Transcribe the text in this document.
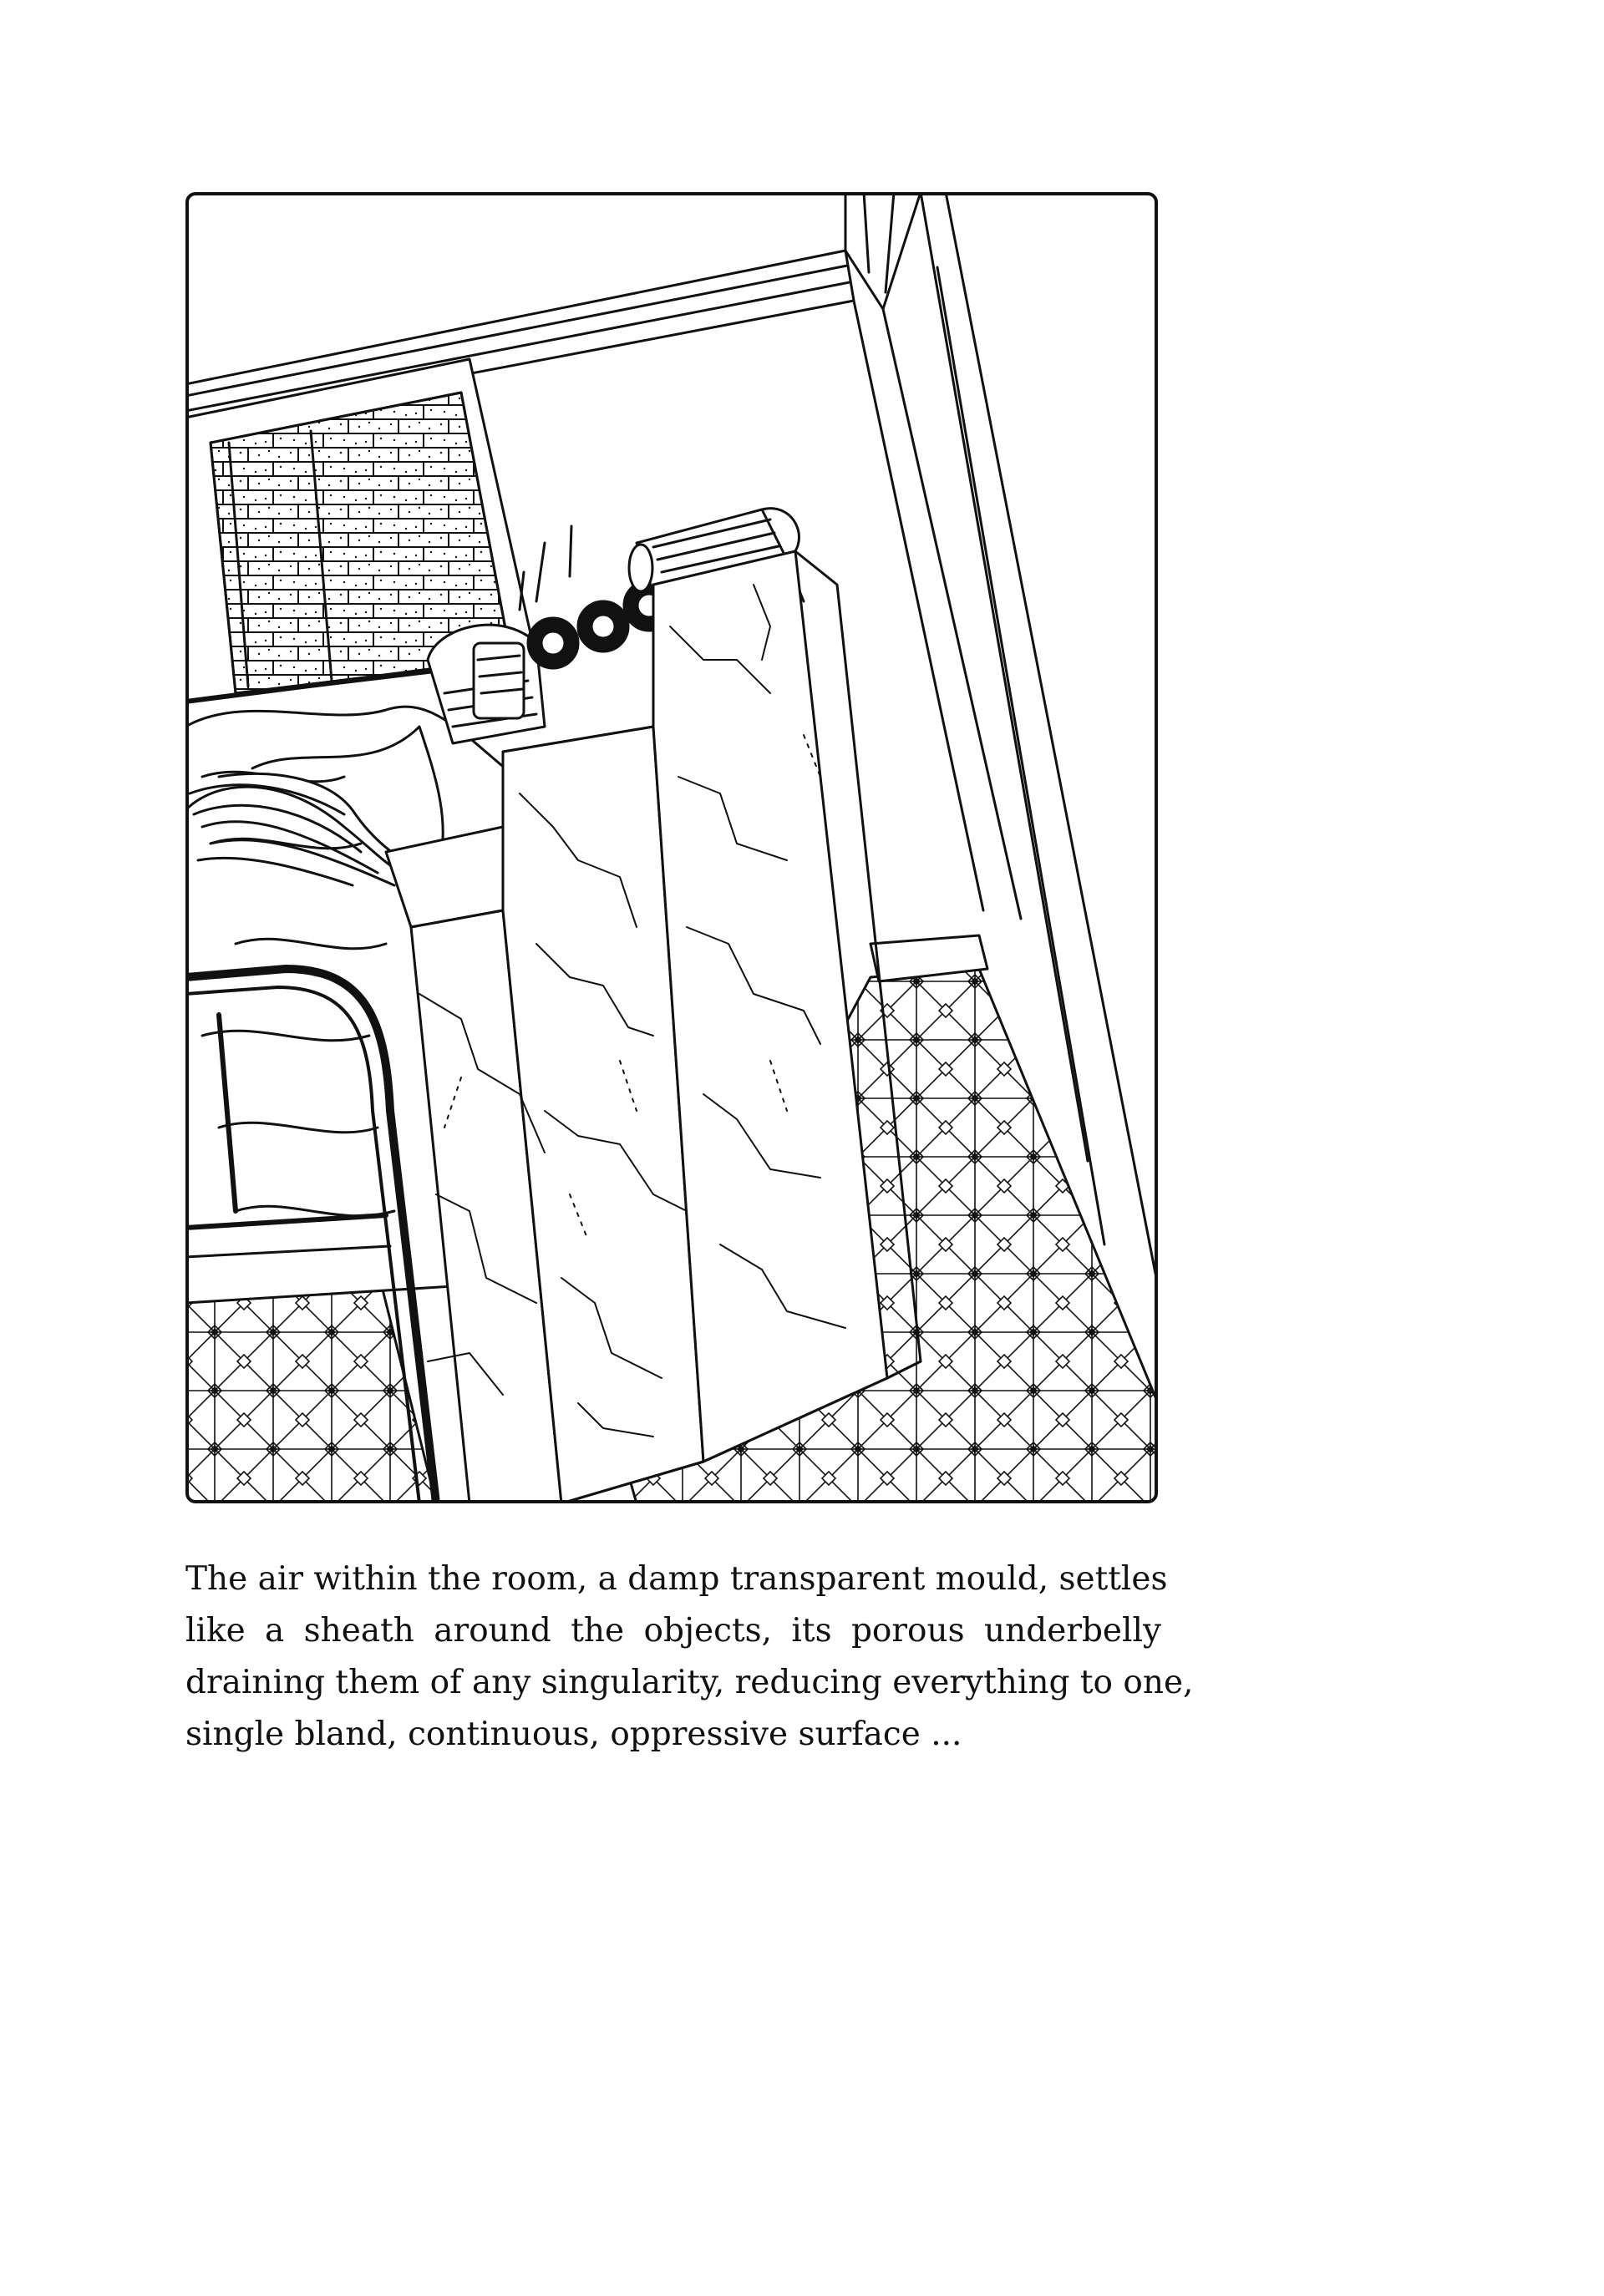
The air within the room, a damp transparent mould, settles
like a sheath around the objects, its porous underbelly
draining them of any singularity, reducing everything to one,
single bland, continuous, oppressive surface ...
